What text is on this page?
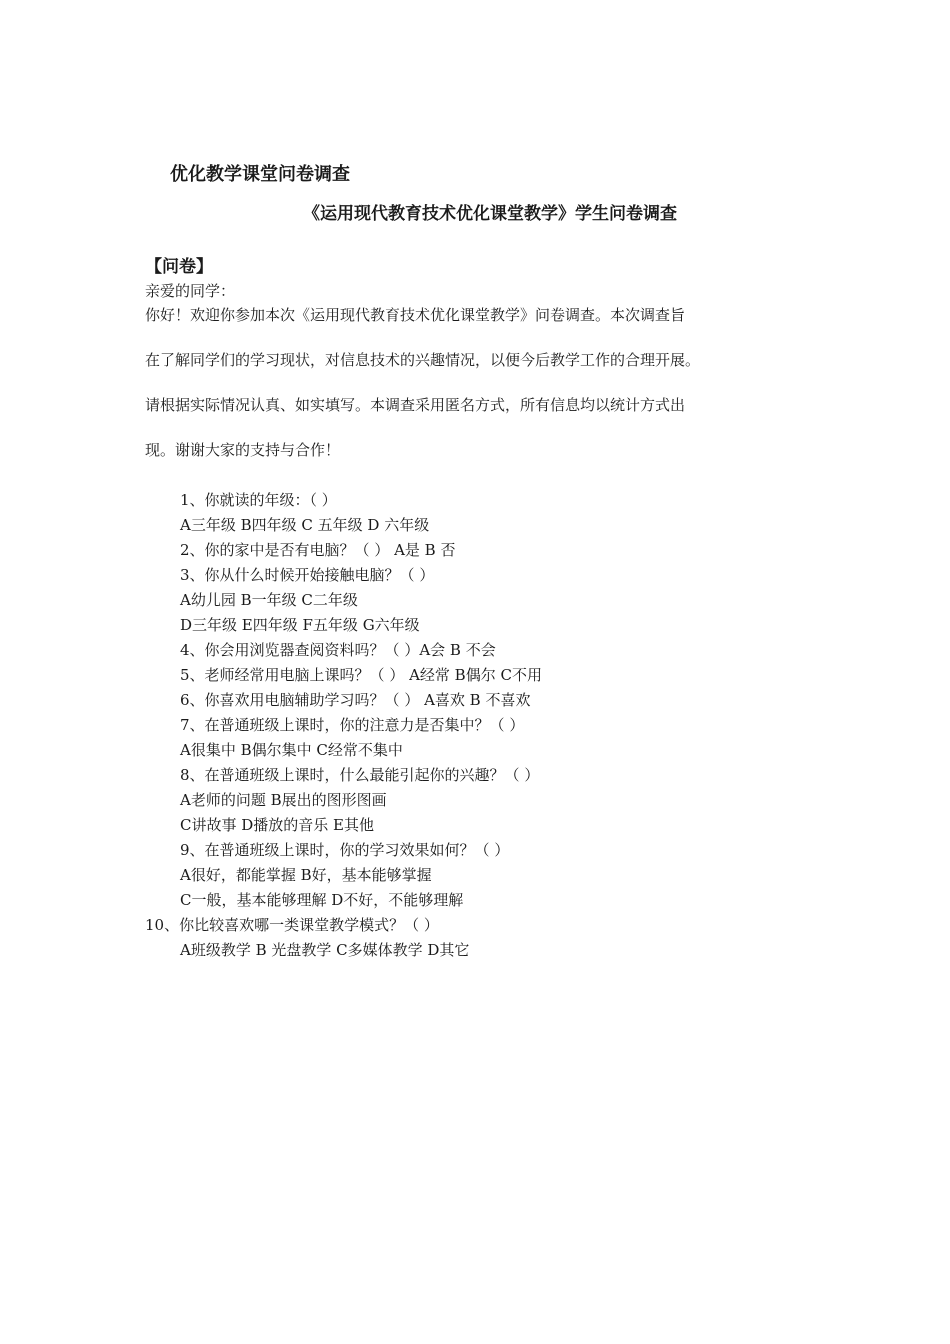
优化教学课堂问卷调查
《运用现代教育技术优化课堂教学》学生问卷调查
【问卷】
亲爱的同学：
你好！欢迎你参加本次《运用现代教育技术优化课堂教学》问卷调查。本次调查旨
在了解同学们的学习现状，对信息技术的兴趣情况，以便今后教学工作的合理开展。
请根据实际情况认真、如实填写。本调查采用匿名方式，所有信息均以统计方式出
现。谢谢大家的支持与合作！
1、你就读的年级：（ ）
A三年级 B四年级 C 五年级 D 六年级
2、你的家中是否有电脑？（ ） A是 B 否
3、你从什么时候开始接触电脑？（ ）
A幼儿园 B一年级 C二年级
D三年级 E四年级 F五年级 G六年级
4、你会用浏览器查阅资料吗？（ ）A会 B 不会
5、老师经常用电脑上课吗？（ ） A经常 B偶尔 C不用
6、你喜欢用电脑辅助学习吗？（ ） A喜欢 B 不喜欢
7、在普通班级上课时，你的注意力是否集中？（ ）
A很集中 B偶尔集中 C经常不集中
8、在普通班级上课时，什么最能引起你的兴趣？（ ）
A老师的问题 B展出的图形图画
C讲故事 D播放的音乐 E其他
9、在普通班级上课时，你的学习效果如何？（ ）
A很好，都能掌握 B好，基本能够掌握
C一般，基本能够理解 D不好，不能够理解
10、你比较喜欢哪一类课堂教学模式？（ ）
A班级教学 B 光盘教学 C多媒体教学 D其它
